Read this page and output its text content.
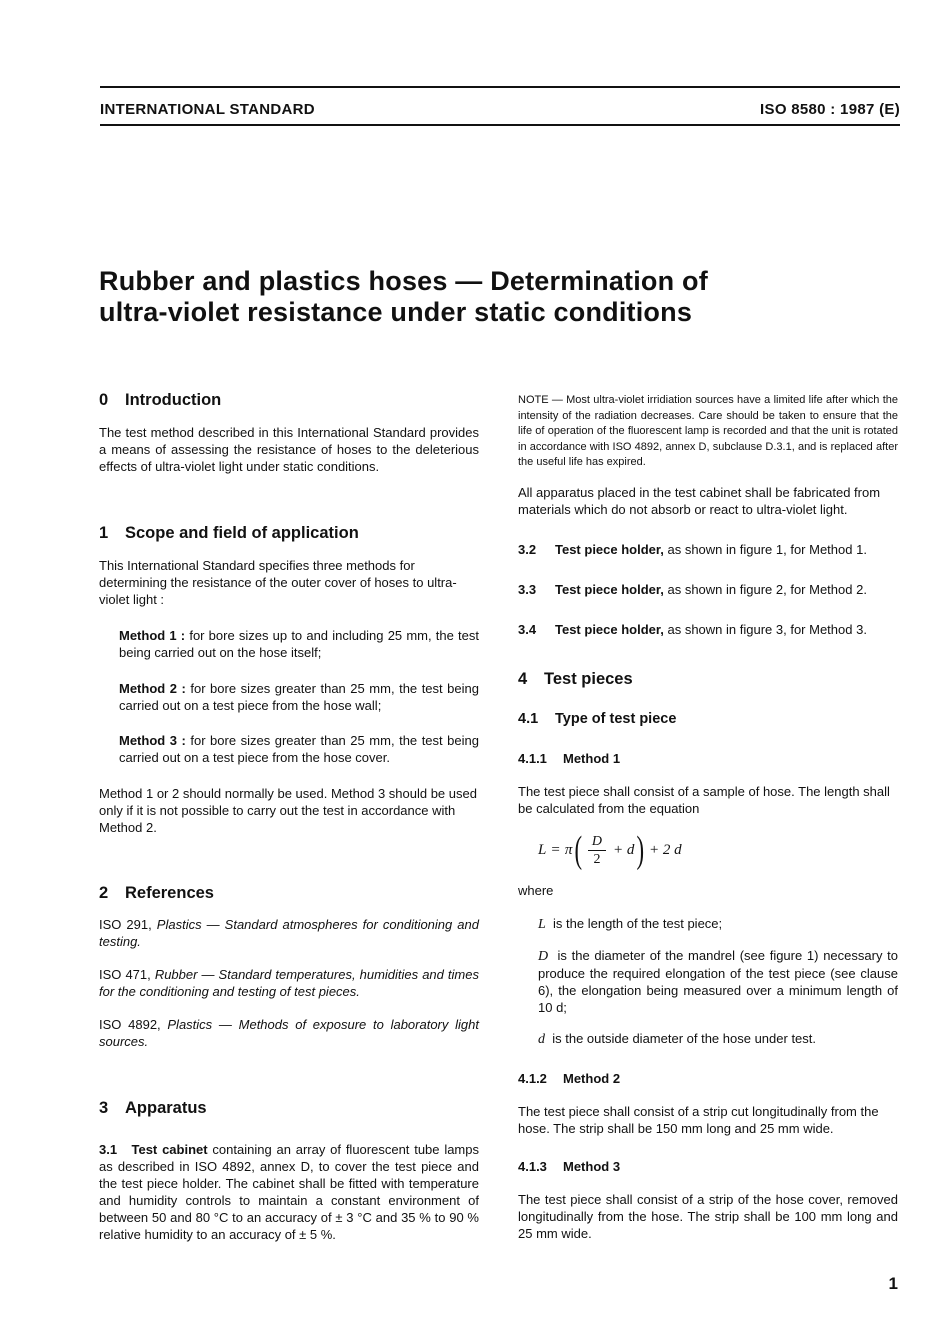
INTERNATIONAL STANDARD	ISO 8580 : 1987 (E)
Rubber and plastics hoses — Determination of
ultra-violet resistance under static conditions
0 Introduction
The test method described in this International Standard provides a means of assessing the resistance of hoses to the deleterious effects of ultra-violet light under static conditions.
1 Scope and field of application
This International Standard specifies three methods for determining the resistance of the outer cover of hoses to ultra-violet light :
Method 1 : for bore sizes up to and including 25 mm, the test being carried out on the hose itself;
Method 2 : for bore sizes greater than 25 mm, the test being carried out on a test piece from the hose wall;
Method 3 : for bore sizes greater than 25 mm, the test being carried out on a test piece from the hose cover.
Method 1 or 2 should normally be used. Method 3 should be used only if it is not possible to carry out the test in accordance with Method 2.
2 References
ISO 291, Plastics — Standard atmospheres for conditioning and testing.
ISO 471, Rubber — Standard temperatures, humidities and times for the conditioning and testing of test pieces.
ISO 4892, Plastics — Methods of exposure to laboratory light sources.
3 Apparatus
3.1 Test cabinet containing an array of fluorescent tube lamps as described in ISO 4892, annex D, to cover the test piece and the test piece holder. The cabinet shall be fitted with temperature and humidity controls to maintain a constant environment of between 50 and 80 °C to an accuracy of ± 3 °C and 35 % to 90 % relative humidity to an accuracy of ± 5 %.
NOTE — Most ultra-violet irridiation sources have a limited life after which the intensity of the radiation decreases. Care should be taken to ensure that the life of operation of the fluorescent lamp is recorded and that the unit is rotated in accordance with ISO 4892, annex D, subclause D.3.1, and is replaced after the useful life has expired.
All apparatus placed in the test cabinet shall be fabricated from materials which do not absorb or react to ultra-violet light.
3.2 Test piece holder, as shown in figure 1, for Method 1.
3.3 Test piece holder, as shown in figure 2, for Method 2.
3.4 Test piece holder, as shown in figure 3, for Method 3.
4 Test pieces
4.1 Type of test piece
4.1.1 Method 1
The test piece shall consist of a sample of hose. The length shall be calculated from the equation
L = π ( $\frac{D}{2} + d$ ) + 2 d
where
L is the length of the test piece;
D is the diameter of the mandrel (see figure 1) necessary to produce the required elongation of the test piece (see clause 6), the elongation being measured over a minimum length of 10 d;
d is the outside diameter of the hose under test.
4.1.2 Method 2
The test piece shall consist of a strip cut longitudinally from the hose. The strip shall be 150 mm long and 25 mm wide.
4.1.3 Method 3
The test piece shall consist of a strip of the hose cover, removed longitudinally from the hose. The strip shall be 100 mm long and 25 mm wide.
1
